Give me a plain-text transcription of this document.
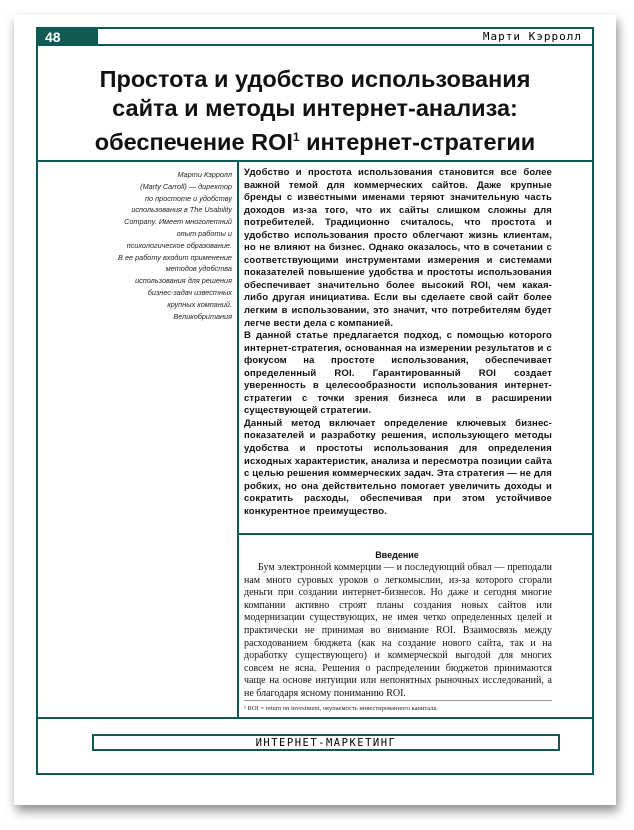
48	Марти Кэрролл
Простота и удобство использования
сайта и методы интернет-анализа:
обеспечение ROI$^1$ интернет-стратегии
Марти Кэрролл
(Marty Carroll) — директор
по простоте и удобству
использования в The Usability
Company. Имеет многолетний
опыт работы и
психологическое образование.
В ее работу входит применение
методов удобства
использования для решения
бизнес-задач известных
крупных компаний.
Великобритания

Удобство и простота использования становится все более важной темой для коммерческих сайтов. Даже крупные бренды с известными именами теряют значительную часть доходов из-за того, что их сайты слишком сложны для потребителей. Традиционно считалось, что простота и удобство использования просто облегчают жизнь клиентам, но не влияют на бизнес. Однако оказалось, что в сочетании с соответствующими инструментами измерения и системами показателей повышение удобства и простоты использования обеспечивает значительно более высокий ROI, чем какая-либо другая инициатива. Если вы сделаете свой сайт более легким в использовании, это значит, что потребителям будет легче вести дела с компанией.

В данной статье предлагается подход, с помощью которого интернет-стратегия, основанная на измерении результатов и с фокусом на простоте использования, обеспечивает определенный ROI. Гарантированный ROI создает уверенность в целесообразности использования интернет-стратегии с точки зрения бизнеса или в расширении существующей стратегии.

Данный метод включает определение ключевых бизнес-показателей и разработку решения, использующего методы удобства и простоты использования для определения исходных характеристик, анализа и пересмотра позиции сайта с целью решения коммерческих задач. Эта стратегия — не для робких, но она действительно помогает увеличить доходы и сократить расходы, обеспечивая при этом устойчивое конкурентное преимущество.

Введение

Бум электронной коммерции — и последующий обвал — преподали нам много суровых уроков о легкомыслии, из-за которого сгорали деньги при создании интернет-бизнесов. Но даже и сегодня многие компании активно строят планы создания новых сайтов или модернизации существующих, не имея четко определенных целей и практически не принимая во внимание ROI. Взаимосвязь между расходованием бюджета (как на создание нового сайта, так и на доработку существующего) и коммерческой выгодой для многих совсем не ясна. Решения о распределении бюджетов принимаются чаще на основе интуиции или непонятных рыночных исследований, а не благодаря ясному пониманию ROI.

¹ ROI = return on investment, окупаемость инвестированного капитала.
ИНТЕРНЕТ-МАРКЕТИНГ
